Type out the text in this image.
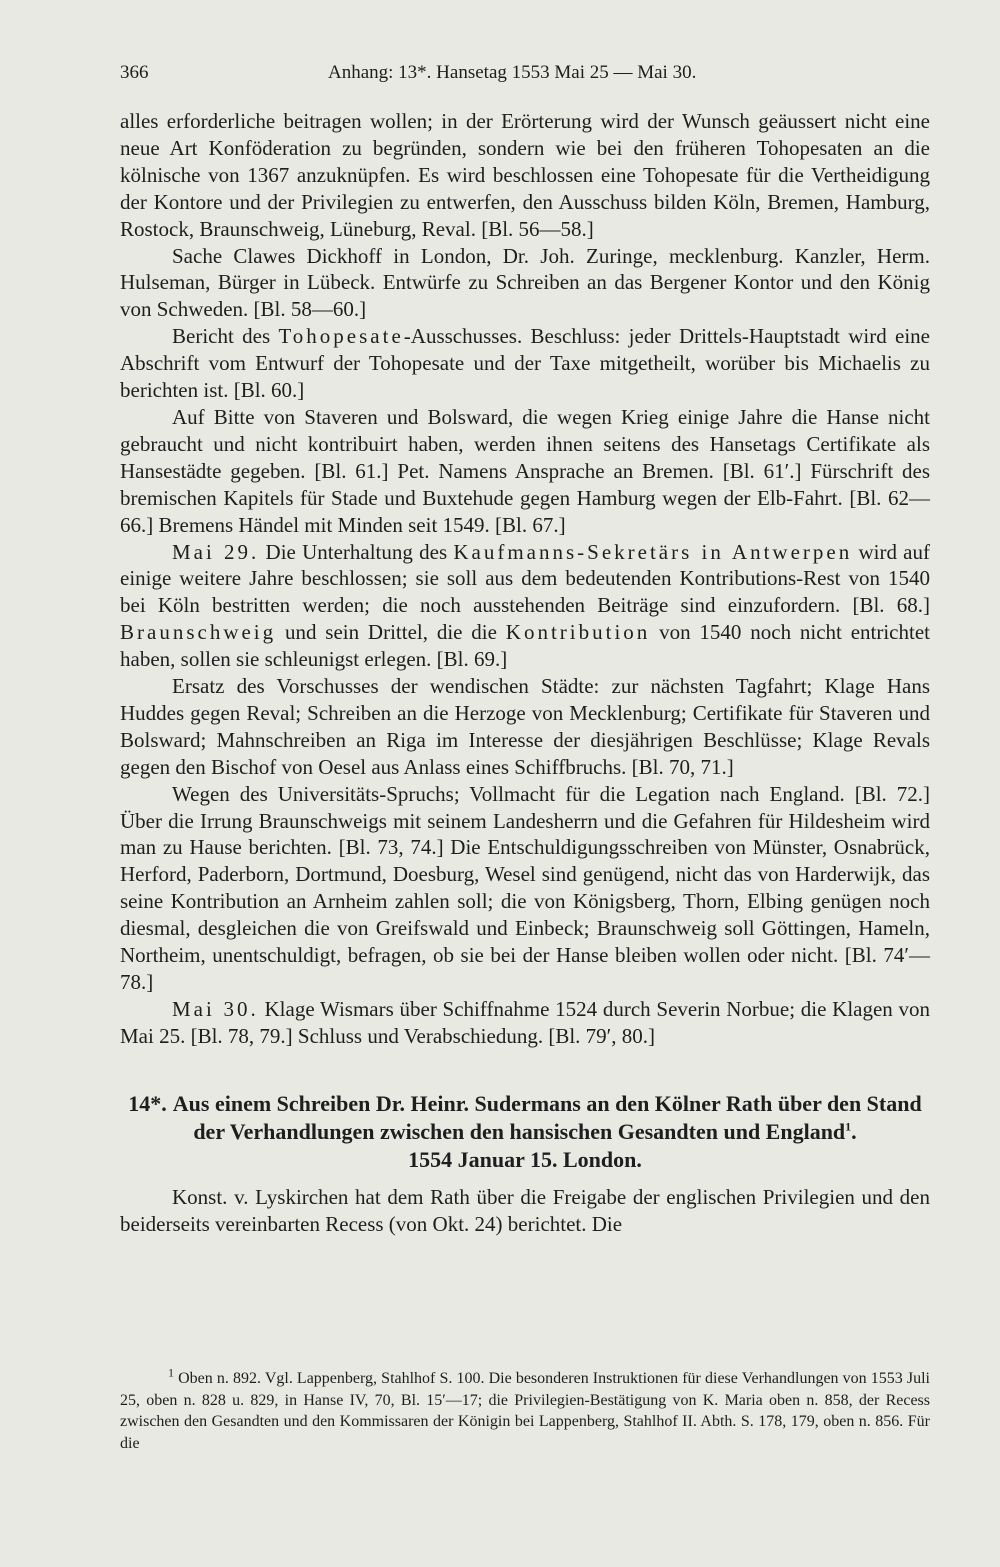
366	Anhang: 13*. Hansetag 1553 Mai 25 — Mai 30.

alles erforderliche beitragen wollen; in der Erörterung wird der Wunsch geäussert nicht eine neue Art Konföderation zu begründen, sondern wie bei den früheren Tohopesaten an die kölnische von 1367 anzuknüpfen. Es wird beschlossen eine Tohopesate für die Vertheidigung der Kontore und der Privilegien zu entwerfen, den Ausschuss bilden Köln, Bremen, Hamburg, Rostock, Braunschweig, Lüneburg, Reval. [Bl. 56—58.]

Sache Clawes Dickhoff in London, Dr. Joh. Zuringe, mecklenburg. Kanzler, Herm. Hulseman, Bürger in Lübeck. Entwürfe zu Schreiben an das Bergener Kontor und den König von Schweden. [Bl. 58—60.]

Bericht des Tohopesate-Ausschusses. Beschluss: jeder Drittels-Hauptstadt wird eine Abschrift vom Entwurf der Tohopesate und der Taxe mitgetheilt, worüber bis Michaelis zu berichten ist. [Bl. 60.]

Auf Bitte von Staveren und Bolsward, die wegen Krieg einige Jahre die Hanse nicht gebraucht und nicht kontribuirt haben, werden ihnen seitens des Hansetags Certifikate als Hansestädte gegeben. [Bl. 61.] Pet. Namens Ansprache an Bremen. [Bl. 61′.] Fürschrift des bremischen Kapitels für Stade und Buxtehude gegen Hamburg wegen der Elb-Fahrt. [Bl. 62—66.] Bremens Händel mit Minden seit 1549. [Bl. 67.]

Mai 29. Die Unterhaltung des Kaufmanns-Sekretärs in Antwerpen wird auf einige weitere Jahre beschlossen; sie soll aus dem bedeutenden Kontributions-Rest von 1540 bei Köln bestritten werden; die noch ausstehenden Beiträge sind einzufordern. [Bl. 68.] Braunschweig und sein Drittel, die die Kontribution von 1540 noch nicht entrichtet haben, sollen sie schleunigst erlegen. [Bl. 69.]

Ersatz des Vorschusses der wendischen Städte: zur nächsten Tagfahrt; Klage Hans Huddes gegen Reval; Schreiben an die Herzoge von Mecklenburg; Certifikate für Staveren und Bolsward; Mahnschreiben an Riga im Interesse der diesjährigen Beschlüsse; Klage Revals gegen den Bischof von Oesel aus Anlass eines Schiffbruchs. [Bl. 70, 71.]

Wegen des Universitäts-Spruchs; Vollmacht für die Legation nach England. [Bl. 72.] Über die Irrung Braunschweigs mit seinem Landesherrn und die Gefahren für Hildesheim wird man zu Hause berichten. [Bl. 73, 74.] Die Entschuldigungsschreiben von Münster, Osnabrück, Herford, Paderborn, Dortmund, Doesburg, Wesel sind genügend, nicht das von Harderwijk, das seine Kontribution an Arnheim zahlen soll; die von Königsberg, Thorn, Elbing genügen noch diesmal, desgleichen die von Greifswald und Einbeck; Braunschweig soll Göttingen, Hameln, Northeim, unentschuldigt, befragen, ob sie bei der Hanse bleiben wollen oder nicht. [Bl. 74′—78.]

Mai 30. Klage Wismars über Schiffnahme 1524 durch Severin Norbue; die Klagen von Mai 25. [Bl. 78, 79.] Schluss und Verabschiedung. [Bl. 79′, 80.]

14*. Aus einem Schreiben Dr. Heinr. Sudermans an den Kölner Rath über den Stand der Verhandlungen zwischen den hansischen Gesandten und England$^1$.
1554 Januar 15. London.

Konst. v. Lyskirchen hat dem Rath über die Freigabe der englischen Privilegien und den beiderseits vereinbarten Recess (von Okt. 24) berichtet. Die

$^1$ Oben n. 892. Vgl. Lappenberg, Stahlhof S. 100. Die besonderen Instruktionen für diese Verhandlungen von 1553 Juli 25, oben n. 828 u. 829, in Hanse IV, 70, Bl. 15′—17; die Privilegien-Bestätigung von K. Maria oben n. 858, der Recess zwischen den Gesandten und den Kommissaren der Königin bei Lappenberg, Stahlhof II. Abth. S. 178, 179, oben n. 856. Für die
